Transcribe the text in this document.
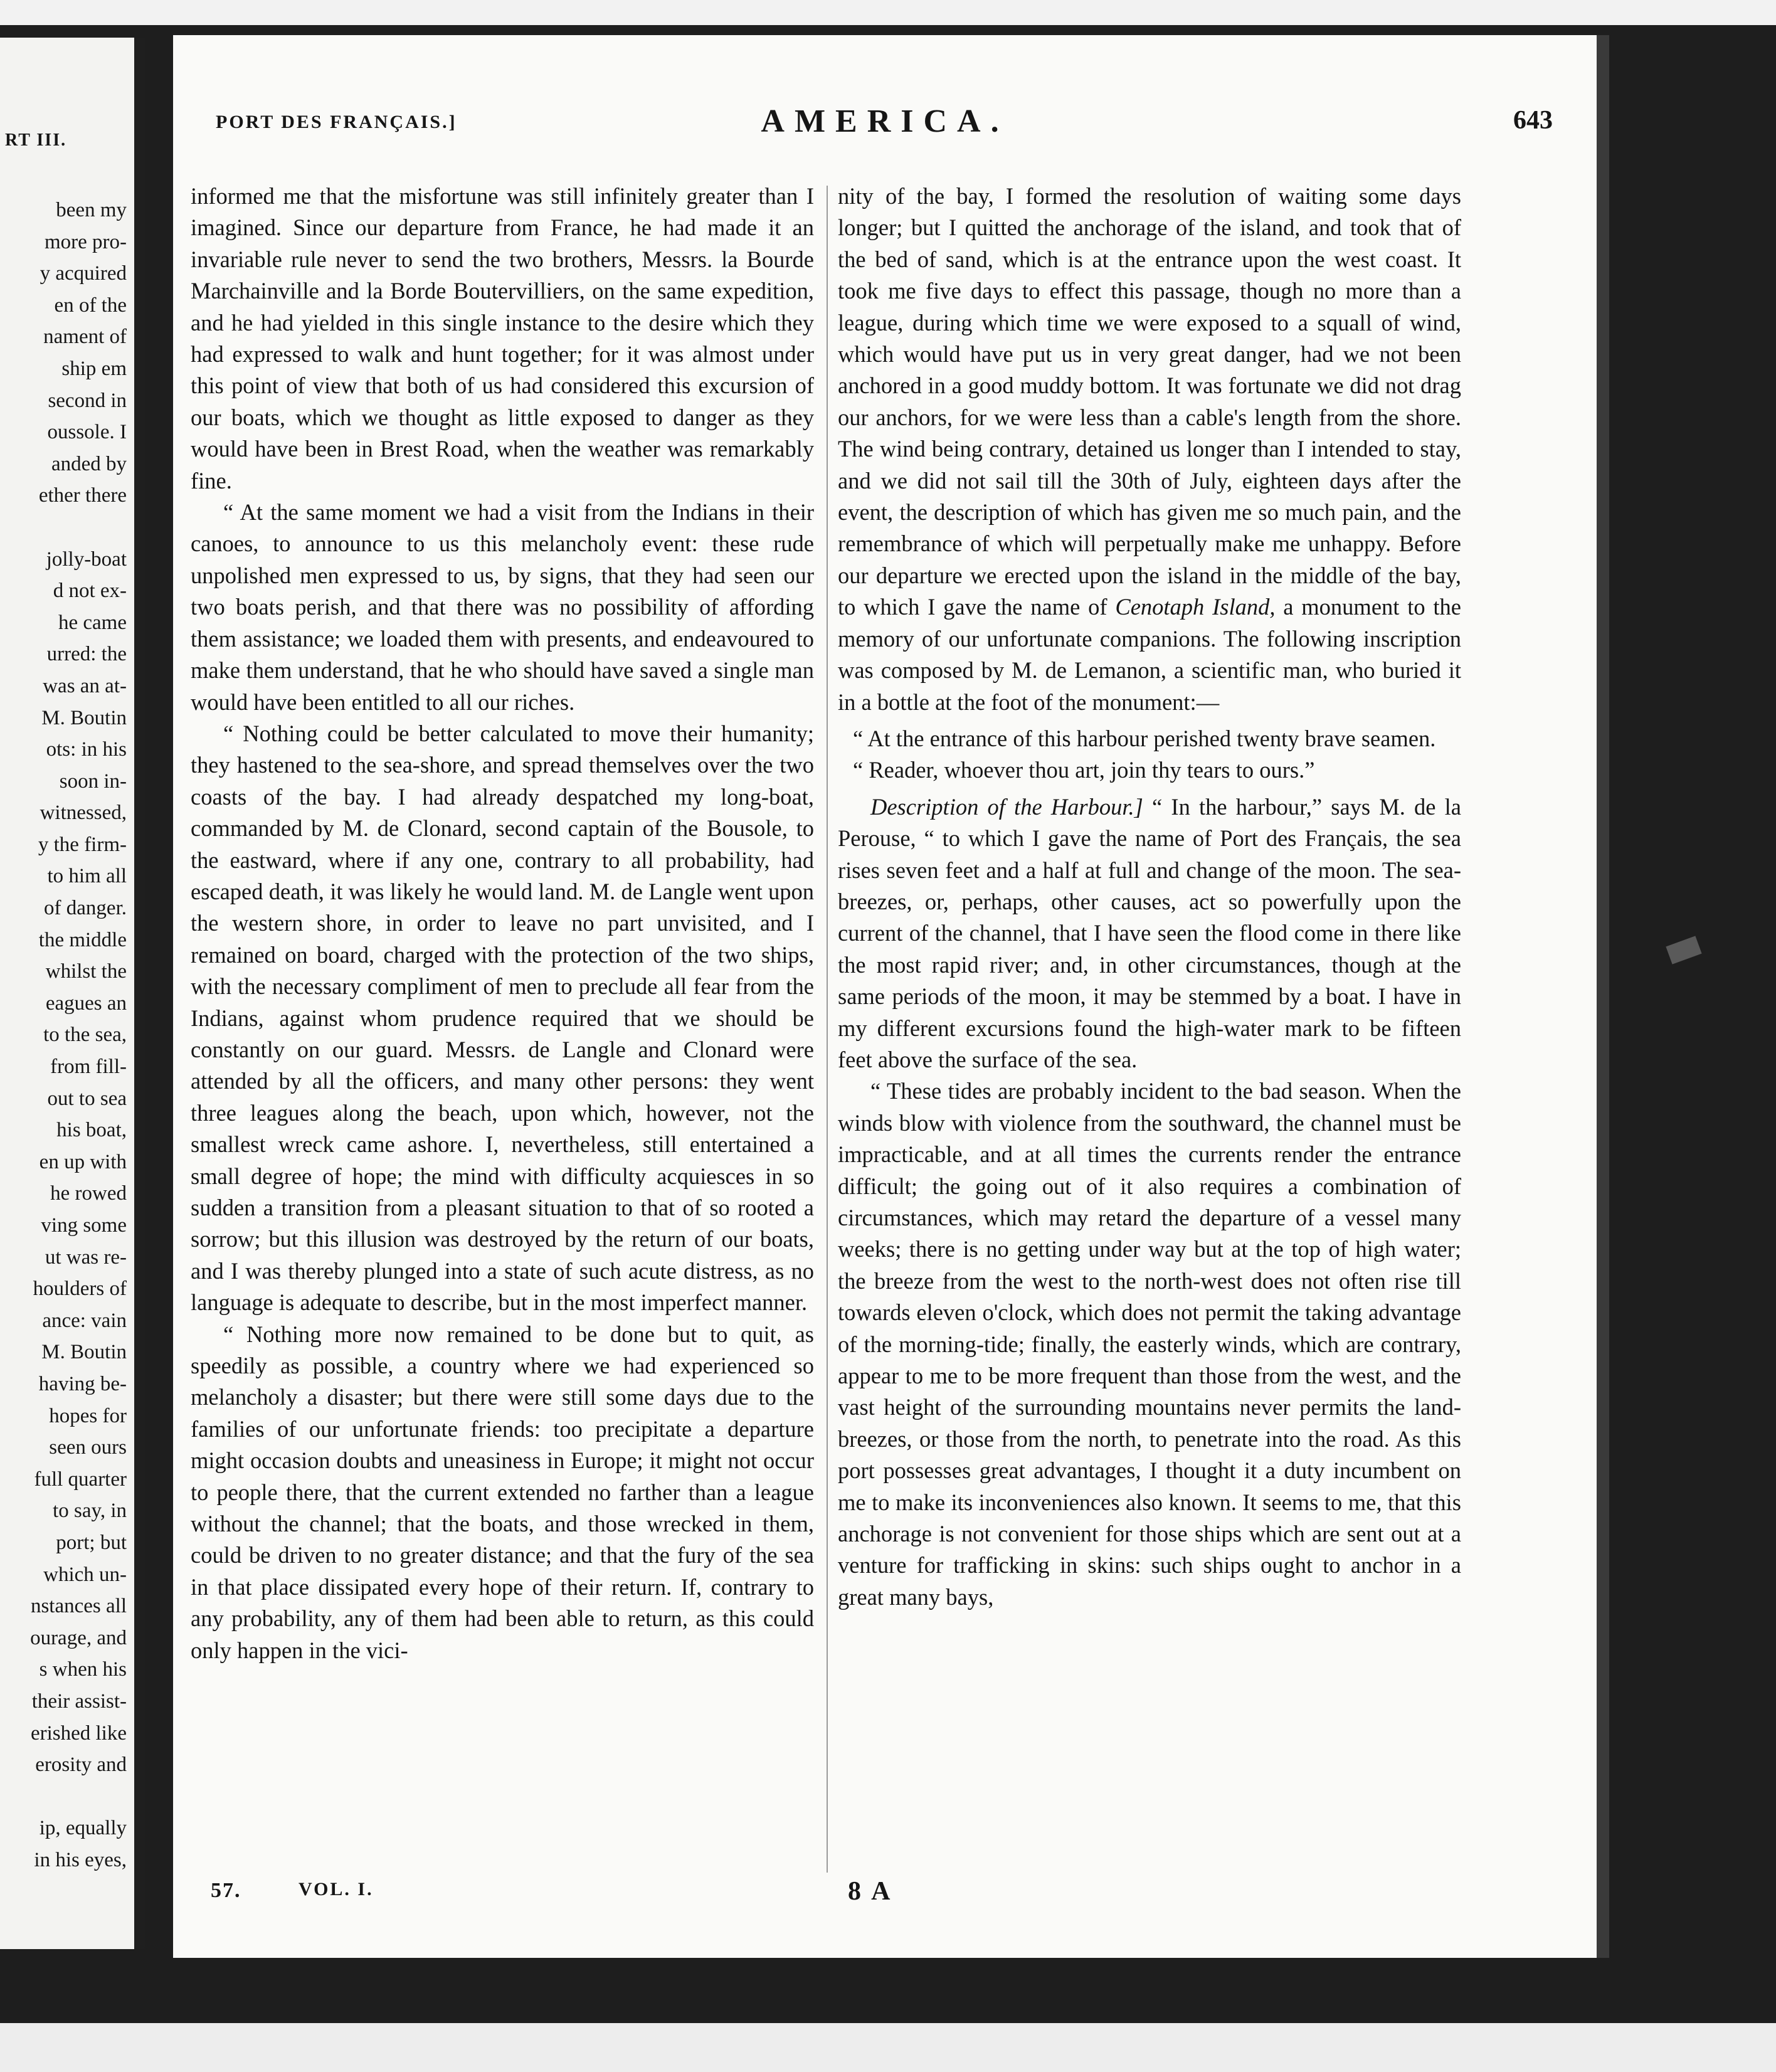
RT III.
been my
more pro-
y acquired
en of the
nament of
ship em
second in
oussole. I
anded by
ether there

jolly-boat
d not ex-
he came
urred: the
was an at-
M. Boutin
ots: in his
soon in-
witnessed,
y the firm-
to him all
of danger.
the middle
whilst the
eagues an
to the sea,
from fill-
out to sea
his boat,
en up with
he rowed
ving some
ut was re-
houlders of
ance: vain
M. Boutin
having be-
hopes for
seen ours
full quarter
to say, in
port; but
which un-
nstances all
ourage, and
s when his
their assist-
erished like
erosity and

ip, equally
in his eyes,
PORT DES FRANÇAIS.]	AMERICA.	643

informed me that the misfortune was still infinitely greater than I imagined. Since our departure from France, he had made it an invariable rule never to send the two brothers, Messrs. la Bourde Marchainville and la Borde Boutervilliers, on the same expedition, and he had yielded in this single instance to the desire which they had expressed to walk and hunt together; for it was almost under this point of view that both of us had considered this excursion of our boats, which we thought as little exposed to danger as they would have been in Brest Road, when the weather was remarkably fine.

“ At the same moment we had a visit from the Indians in their canoes, to announce to us this melancholy event: these rude unpolished men expressed to us, by signs, that they had seen our two boats perish, and that there was no possibility of affording them assistance; we loaded them with presents, and endeavoured to make them understand, that he who should have saved a single man would have been entitled to all our riches.

“ Nothing could be better calculated to move their humanity; they hastened to the sea-shore, and spread themselves over the two coasts of the bay. I had already despatched my long-boat, commanded by M. de Clonard, second captain of the Bousole, to the eastward, where if any one, contrary to all probability, had escaped death, it was likely he would land. M. de Langle went upon the western shore, in order to leave no part unvisited, and I remained on board, charged with the protection of the two ships, with the necessary compliment of men to preclude all fear from the Indians, against whom prudence required that we should be constantly on our guard. Messrs. de Langle and Clonard were attended by all the officers, and many other persons: they went three leagues along the beach, upon which, however, not the smallest wreck came ashore. I, nevertheless, still entertained a small degree of hope; the mind with difficulty acquiesces in so sudden a transition from a pleasant situation to that of so rooted a sorrow; but this illusion was destroyed by the return of our boats, and I was thereby plunged into a state of such acute distress, as no language is adequate to describe, but in the most imperfect manner.

“ Nothing more now remained to be done but to quit, as speedily as possible, a country where we had experienced so melancholy a disaster; but there were still some days due to the families of our unfortunate friends: too precipitate a departure might occasion doubts and uneasiness in Europe; it might not occur to people there, that the current extended no farther than a league without the channel; that the boats, and those wrecked in them, could be driven to no greater distance; and that the fury of the sea in that place dissipated every hope of their return. If, contrary to any probability, any of them had been able to return, as this could only happen in the vici-

nity of the bay, I formed the resolution of waiting some days longer; but I quitted the anchorage of the island, and took that of the bed of sand, which is at the entrance upon the west coast. It took me five days to effect this passage, though no more than a league, during which time we were exposed to a squall of wind, which would have put us in very great danger, had we not been anchored in a good muddy bottom. It was fortunate we did not drag our anchors, for we were less than a cable's length from the shore. The wind being contrary, detained us longer than I intended to stay, and we did not sail till the 30th of July, eighteen days after the event, the description of which has given me so much pain, and the remembrance of which will perpetually make me unhappy. Before our departure we erected upon the island in the middle of the bay, to which I gave the name of Cenotaph Island, a monument to the memory of our unfortunate companions. The following inscription was composed by M. de Lemanon, a scientific man, who buried it in a bottle at the foot of the monument:—

“ At the entrance of this harbour perished twenty brave seamen.

“ Reader, whoever thou art, join thy tears to ours.”

Description of the Harbour.] “ In the harbour,” says M. de la Perouse, “ to which I gave the name of Port des Français, the sea rises seven feet and a half at full and change of the moon. The sea-breezes, or, perhaps, other causes, act so powerfully upon the current of the channel, that I have seen the flood come in there like the most rapid river; and, in other circumstances, though at the same periods of the moon, it may be stemmed by a boat. I have in my different excursions found the high-water mark to be fifteen feet above the surface of the sea.

“ These tides are probably incident to the bad season. When the winds blow with violence from the southward, the channel must be impracticable, and at all times the currents render the entrance difficult; the going out of it also requires a combination of circumstances, which may retard the departure of a vessel many weeks; there is no getting under way but at the top of high water; the breeze from the west to the north-west does not often rise till towards eleven o'clock, which does not permit the taking advantage of the morning-tide; finally, the easterly winds, which are contrary, appear to me to be more frequent than those from the west, and the vast height of the surrounding mountains never permits the land-breezes, or those from the north, to penetrate into the road. As this port possesses great advantages, I thought it a duty incumbent on me to make its inconveniences also known. It seems to me, that this anchorage is not convenient for those ships which are sent out at a venture for trafficking in skins: such ships ought to anchor in a great many bays,

57.	VOL. I.	8 A
